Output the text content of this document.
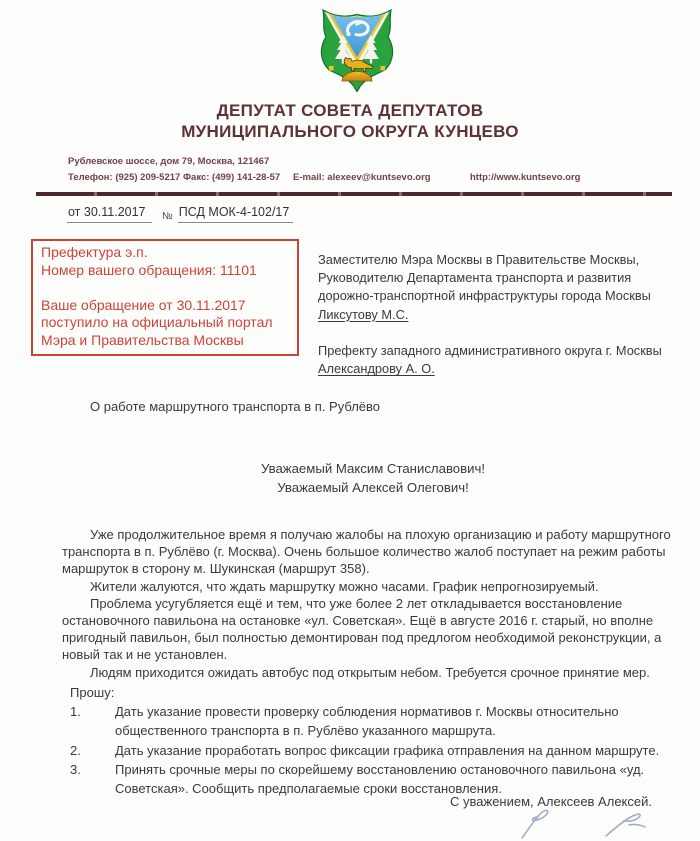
ДЕПУТАТ СОВЕТА ДЕПУТАТОВ
МУНИЦИПАЛЬНОГО ОКРУГА КУНЦЕВО
Рублевское шоссе, дом 79, Москва, 121467
Телефон: (925) 209-5217 Факс: (499) 141-28-57 E-mail: alexeev@kuntsevo.org	http://www.kuntsevo.org
от 30.11.2017	№ ПСД МОК-4-102/17
Префектура э.п.
Номер вашего обращения: 11101
Ваше обращение от 30.11.2017
поступило на официальный портал
Мэра и Правительства Москвы
Заместителю Мэра Москвы в Правительстве Москвы,
Руководителю Департамента транспорта и развития
дорожно-транспортной инфраструктуры города Москвы
Ликсутову М.С.
Префекту западного административного округа г. Москвы
Александрову А. О.
О работе маршрутного транспорта в п. Рублёво
Уважаемый Максим Станиславович!
Уважаемый Алексей Олегович!
Уже продолжительное время я получаю жалобы на плохую организацию и работу маршрутного
транспорта в п. Рублёво (г. Москва). Очень большое количество жалоб поступает на режим работы
маршруток в сторону м. Шукинская (маршрут 358).
Жители жалуются, что ждать маршрутку можно часами. График непрогнозируемый.
Проблема усугубляется ещё и тем, что уже более 2 лет откладывается восстановление
остановочного павильона на остановке «ул. Советская». Ещё в августе 2016 г. старый, но вполне
пригодный павильон, был полностью демонтирован под предлогом необходимой реконструкции, а
новый так и не установлен.
Людям приходится ожидать автобус под открытым небом. Требуется срочное принятие мер.
Прошу:
1.	Дать указание провести проверку соблюдения нормативов г. Москвы относительно
общественного транспорта в п. Рублёво указанного маршрута.
2.	Дать указание проработать вопрос фиксации графика отправления на данном маршруте.
3.	Принять срочные меры по скорейшему восстановлению остановочного павильона «уд.
Советская». Сообщить предполагаемые сроки восстановления.
С уважением, Алексеев Алексей.
